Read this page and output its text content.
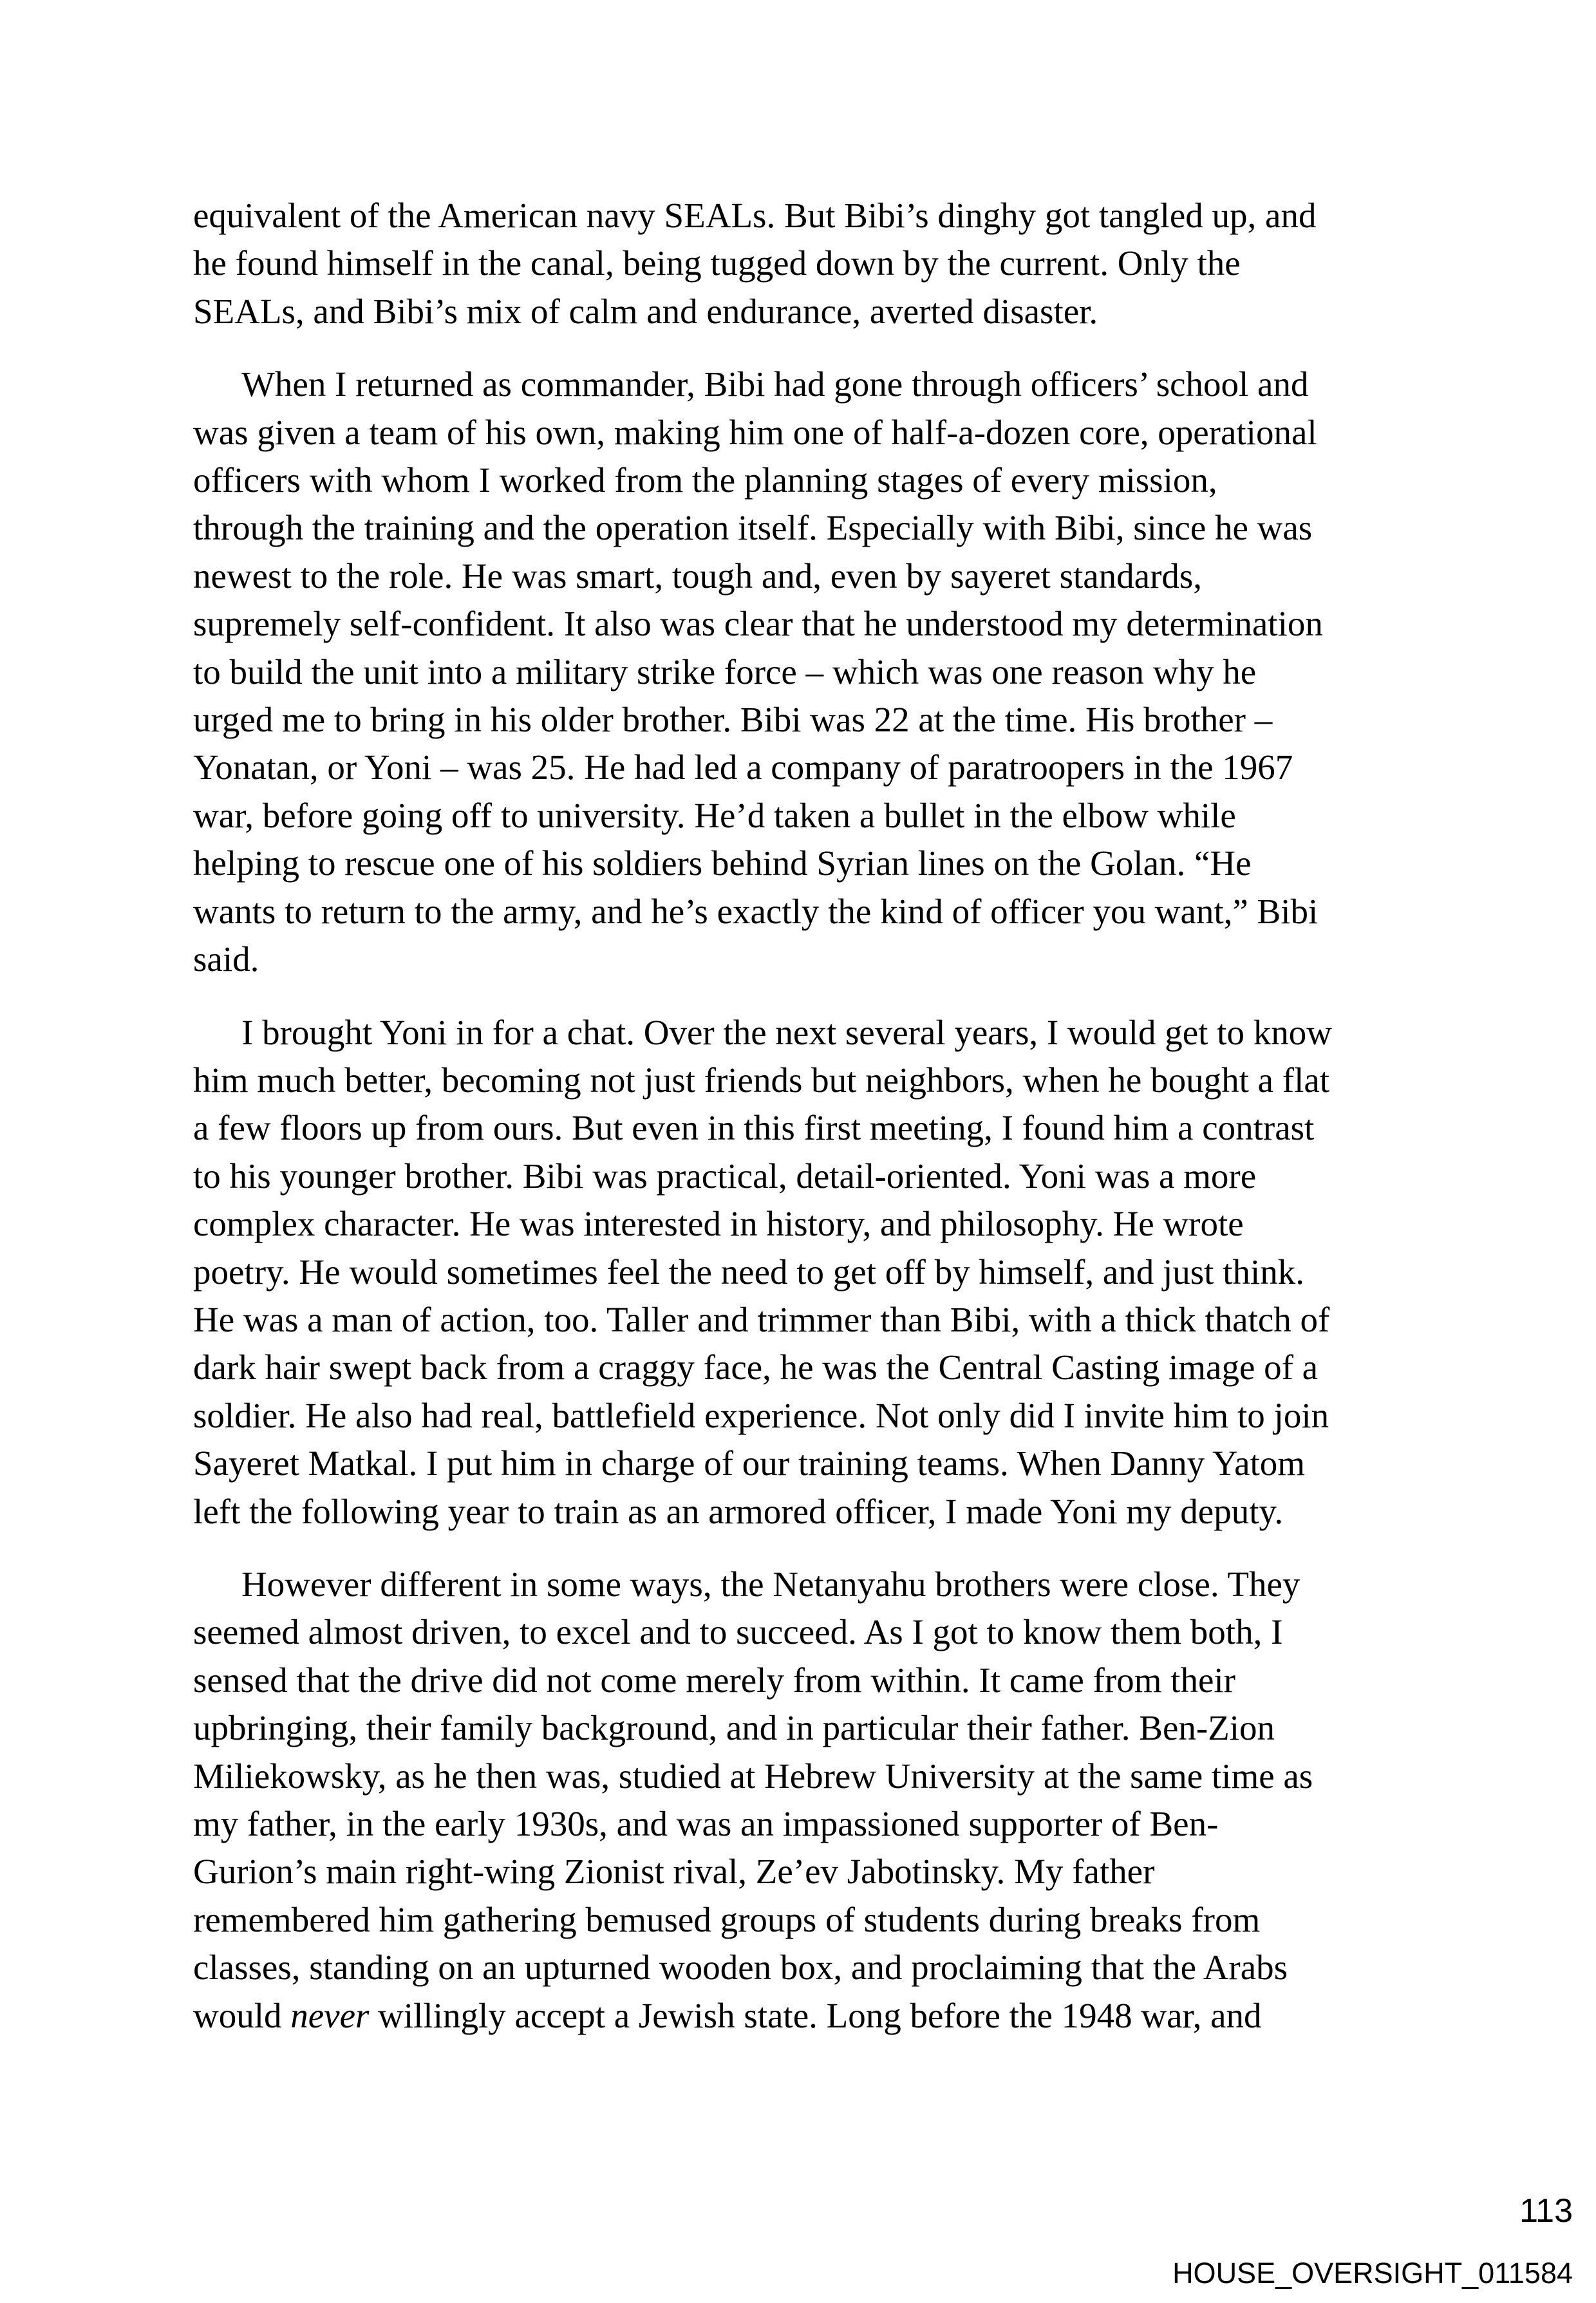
equivalent of the American navy SEALs. But Bibi’s dinghy got tangled up, and
he found himself in the canal, being tugged down by the current. Only the
SEALs, and Bibi’s mix of calm and endurance, averted disaster.

When I returned as commander, Bibi had gone through officers’ school and
was given a team of his own, making him one of half-a-dozen core, operational
officers with whom I worked from the planning stages of every mission,
through the training and the operation itself. Especially with Bibi, since he was
newest to the role. He was smart, tough and, even by sayeret standards,
supremely self-confident. It also was clear that he understood my determination
to build the unit into a military strike force – which was one reason why he
urged me to bring in his older brother. Bibi was 22 at the time. His brother –
Yonatan, or Yoni – was 25. He had led a company of paratroopers in the 1967
war, before going off to university. He’d taken a bullet in the elbow while
helping to rescue one of his soldiers behind Syrian lines on the Golan. “He
wants to return to the army, and he’s exactly the kind of officer you want,” Bibi
said.

I brought Yoni in for a chat. Over the next several years, I would get to know
him much better, becoming not just friends but neighbors, when he bought a flat
a few floors up from ours. But even in this first meeting, I found him a contrast
to his younger brother. Bibi was practical, detail-oriented. Yoni was a more
complex character. He was interested in history, and philosophy. He wrote
poetry. He would sometimes feel the need to get off by himself, and just think.
He was a man of action, too. Taller and trimmer than Bibi, with a thick thatch of
dark hair swept back from a craggy face, he was the Central Casting image of a
soldier. He also had real, battlefield experience. Not only did I invite him to join
Sayeret Matkal. I put him in charge of our training teams. When Danny Yatom
left the following year to train as an armored officer, I made Yoni my deputy.

However different in some ways, the Netanyahu brothers were close. They
seemed almost driven, to excel and to succeed. As I got to know them both, I
sensed that the drive did not come merely from within. It came from their
upbringing, their family background, and in particular their father. Ben-Zion
Miliekowsky, as he then was, studied at Hebrew University at the same time as
my father, in the early 1930s, and was an impassioned supporter of Ben-
Gurion’s main right-wing Zionist rival, Ze’ev Jabotinsky. My father
remembered him gathering bemused groups of students during breaks from
classes, standing on an upturned wooden box, and proclaiming that the Arabs
would never willingly accept a Jewish state. Long before the 1948 war, and

113
HOUSE_OVERSIGHT_011584
